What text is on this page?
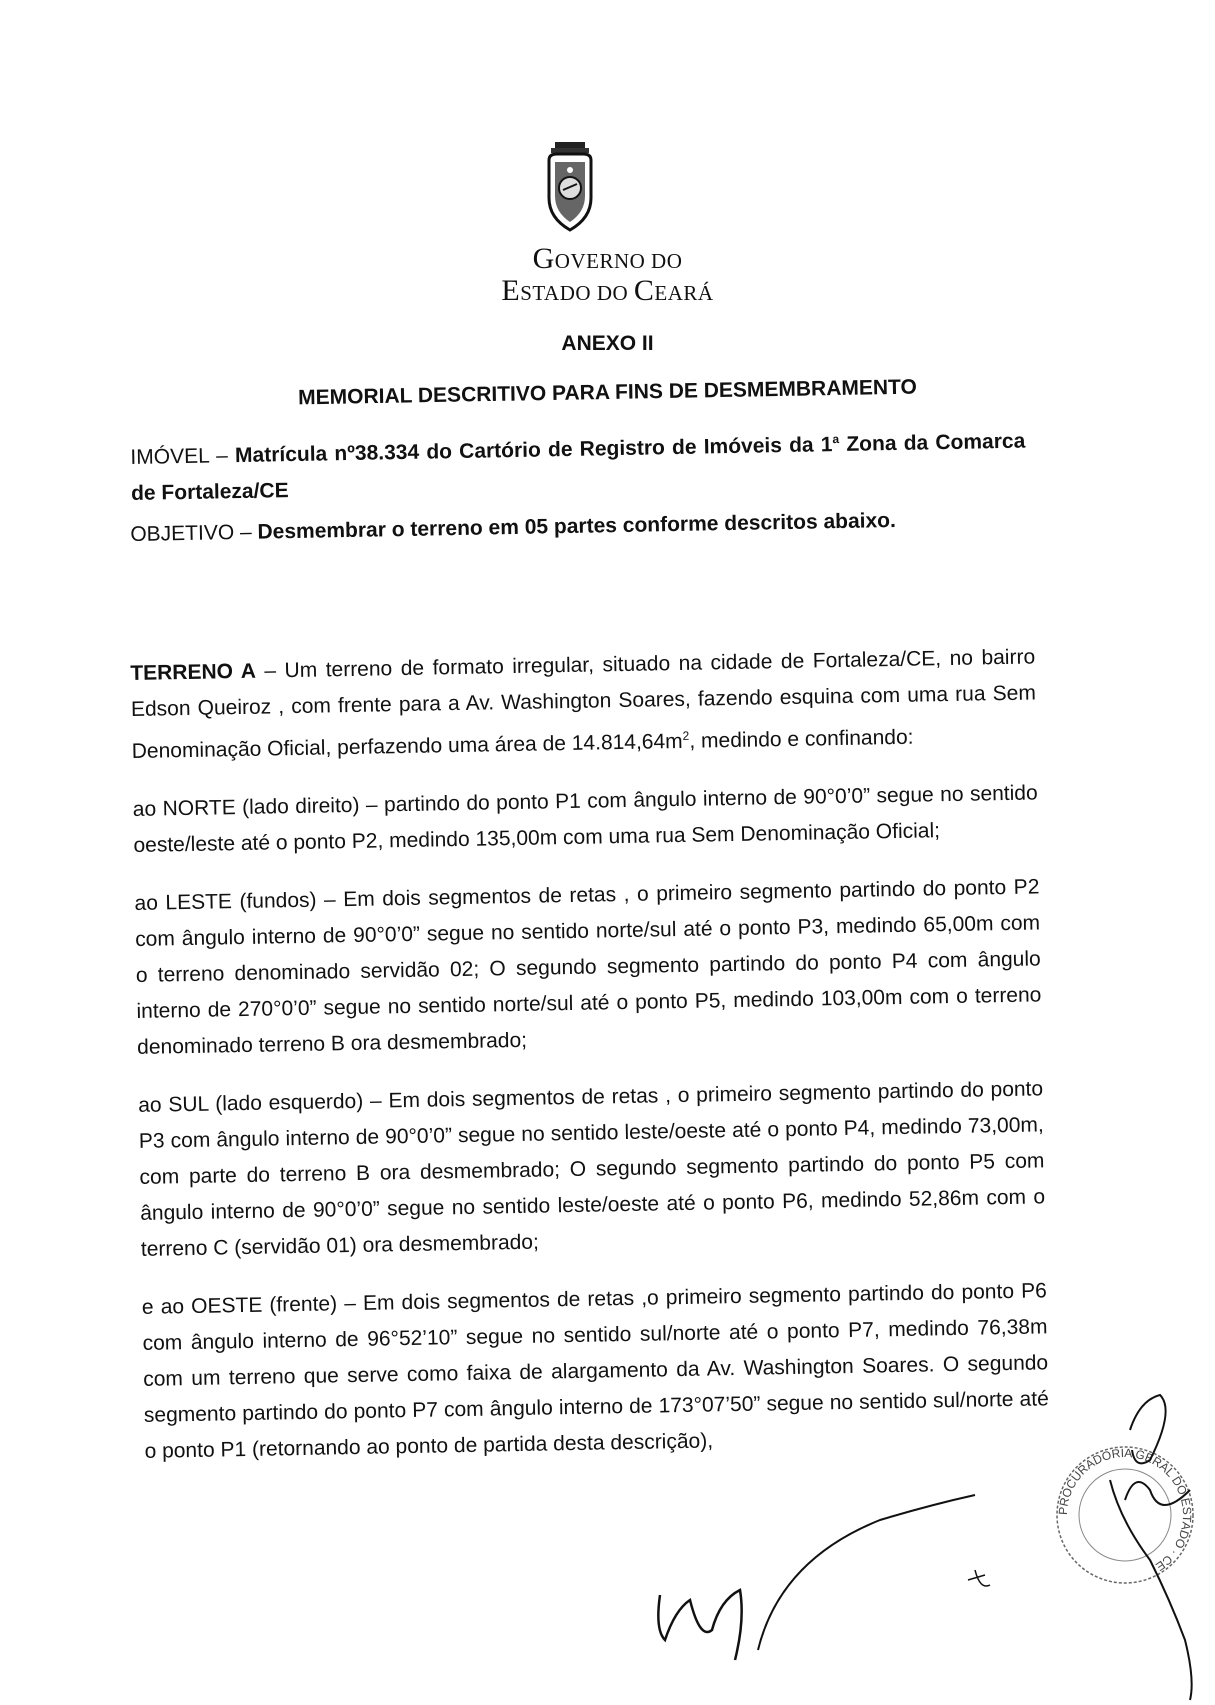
GOVERNO DO
ESTADO DO CEARÁ
ANEXO II
MEMORIAL DESCRITIVO PARA FINS DE DESMEMBRAMENTO
IMÓVEL – Matrícula nº38.334 do Cartório de Registro de Imóveis da 1$^a$ Zona da Comarca de Fortaleza/CE
OBJETIVO – Desmembrar o terreno em 05 partes conforme descritos abaixo.

TERRENO A – Um terreno de formato irregular, situado na cidade de Fortaleza/CE, no bairro Edson Queiroz , com frente para a Av. Washington Soares, fazendo esquina com uma rua Sem Denominação Oficial, perfazendo uma área de $14.814,64m^2$, medindo e confinando:

ao NORTE (lado direito) – partindo do ponto P1 com ângulo interno de 90°0’0” segue no sentido oeste/leste até o ponto P2, medindo 135,00m com uma rua Sem Denominação Oficial;

ao LESTE (fundos) – Em dois segmentos de retas , o primeiro segmento partindo do ponto P2 com ângulo interno de 90°0’0” segue no sentido norte/sul até o ponto P3, medindo 65,00m com o terreno denominado servidão 02; O segundo segmento partindo do ponto P4 com ângulo interno de 270°0’0” segue no sentido norte/sul até o ponto P5, medindo 103,00m com o terreno denominado terreno B ora desmembrado;

ao SUL (lado esquerdo) – Em dois segmentos de retas , o primeiro segmento partindo do ponto P3 com ângulo interno de 90°0’0” segue no sentido leste/oeste até o ponto P4, medindo 73,00m, com parte do terreno B ora desmembrado; O segundo segmento partindo do ponto P5 com ângulo interno de 90°0’0” segue no sentido leste/oeste até o ponto P6, medindo 52,86m com o terreno C (servidão 01) ora desmembrado;

e ao OESTE (frente) – Em dois segmentos de retas ,o primeiro segmento partindo do ponto P6 com ângulo interno de 96°52’10” segue no sentido sul/norte até o ponto P7, medindo 76,38m com um terreno que serve como faixa de alargamento da Av. Washington Soares. O segundo segmento partindo do ponto P7 com ângulo interno de 173°07’50” segue no sentido sul/norte até o ponto P1 (retornando ao ponto de partida desta descrição),

PROCURADORIA GERAL DO ESTADO · CE
